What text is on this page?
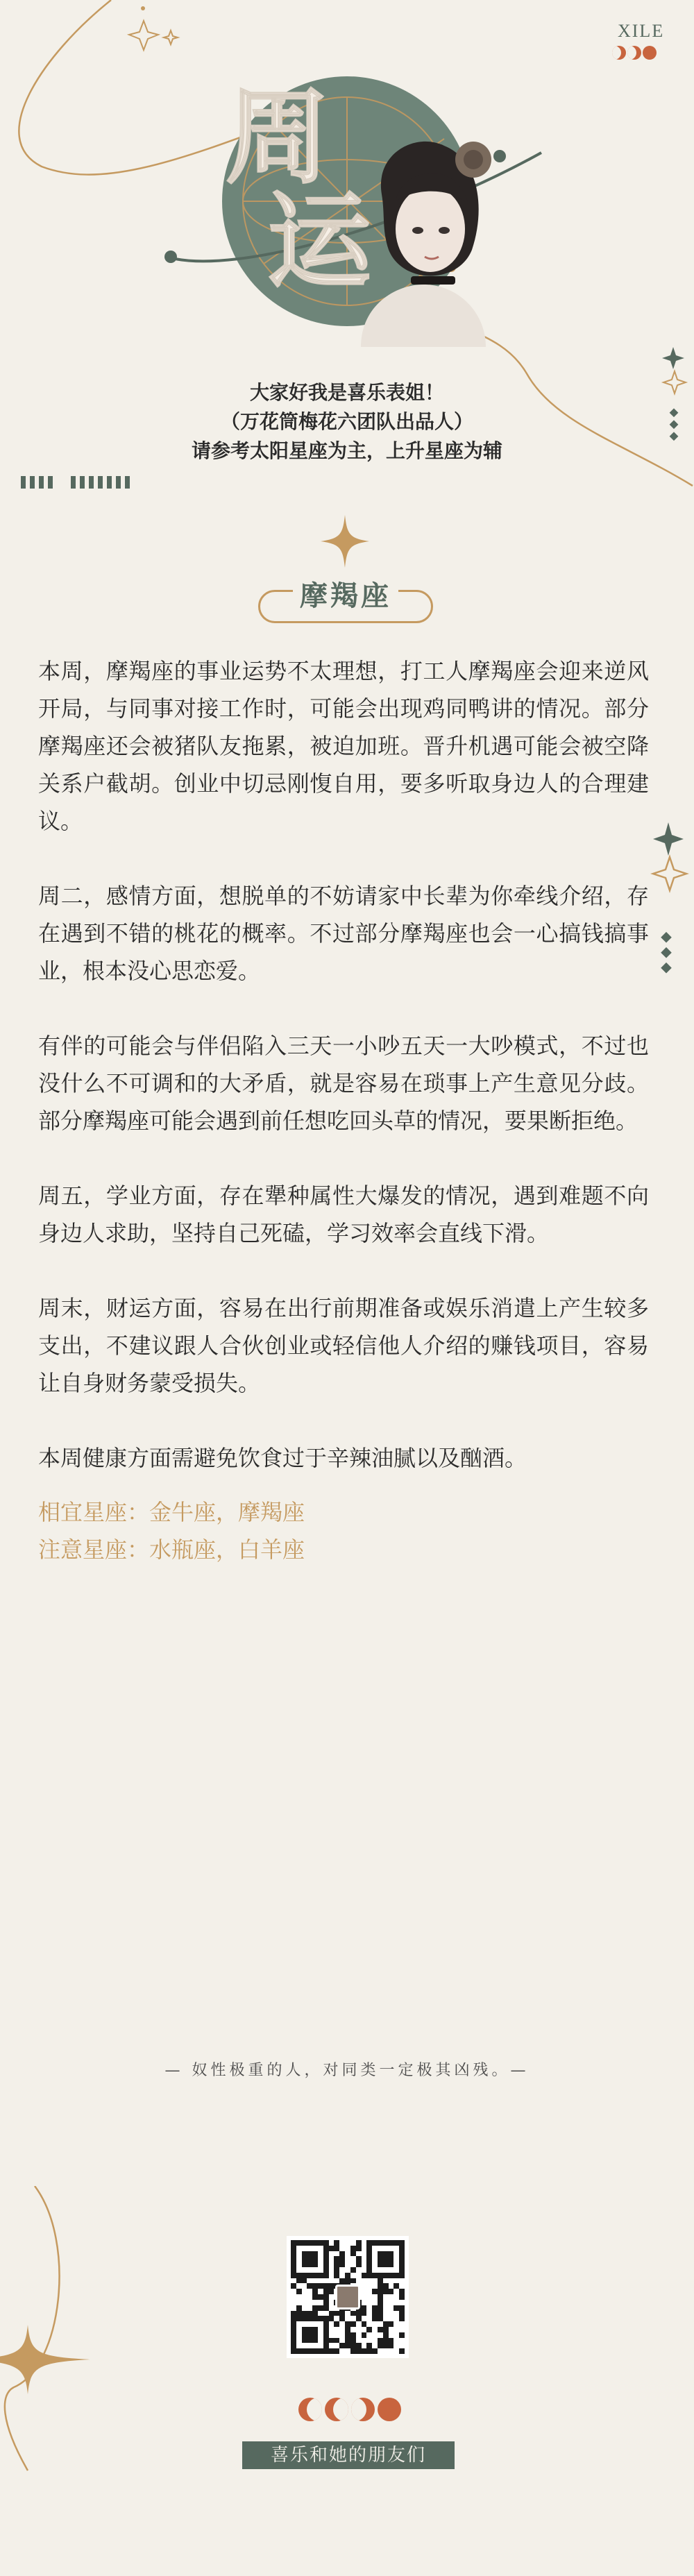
XILE
周
运
大家好我是喜乐表姐！
（万花筒梅花六团队出品人）
请参考太阳星座为主，上升星座为辅
摩羯座

本周，摩羯座的事业运势不太理想，打工人摩羯座会迎来逆风开局，与同事对接工作时，可能会出现鸡同鸭讲的情况。部分摩羯座还会被猪队友拖累，被迫加班。晋升机遇可能会被空降关系户截胡。创业中切忌刚愎自用，要多听取身边人的合理建议。

周二，感情方面，想脱单的不妨请家中长辈为你牵线介绍，存在遇到不错的桃花的概率。不过部分摩羯座也会一心搞钱搞事业，根本没心思恋爱。

有伴的可能会与伴侣陷入三天一小吵五天一大吵模式，不过也没什么不可调和的大矛盾，就是容易在琐事上产生意见分歧。部分摩羯座可能会遇到前任想吃回头草的情况，要果断拒绝。

周五，学业方面，存在犟种属性大爆发的情况，遇到难题不向身边人求助，坚持自己死磕，学习效率会直线下滑。

周末，财运方面，容易在出行前期准备或娱乐消遣上产生较多支出，不建议跟人合伙创业或轻信他人介绍的赚钱项目，容易让自身财务蒙受损失。

本周健康方面需避免饮食过于辛辣油腻以及酗酒。

相宜星座：金牛座，摩羯座

注意星座：水瓶座，白羊座

— 奴性极重的人，对同类一定极其凶残。—
喜乐和她的朋友们
